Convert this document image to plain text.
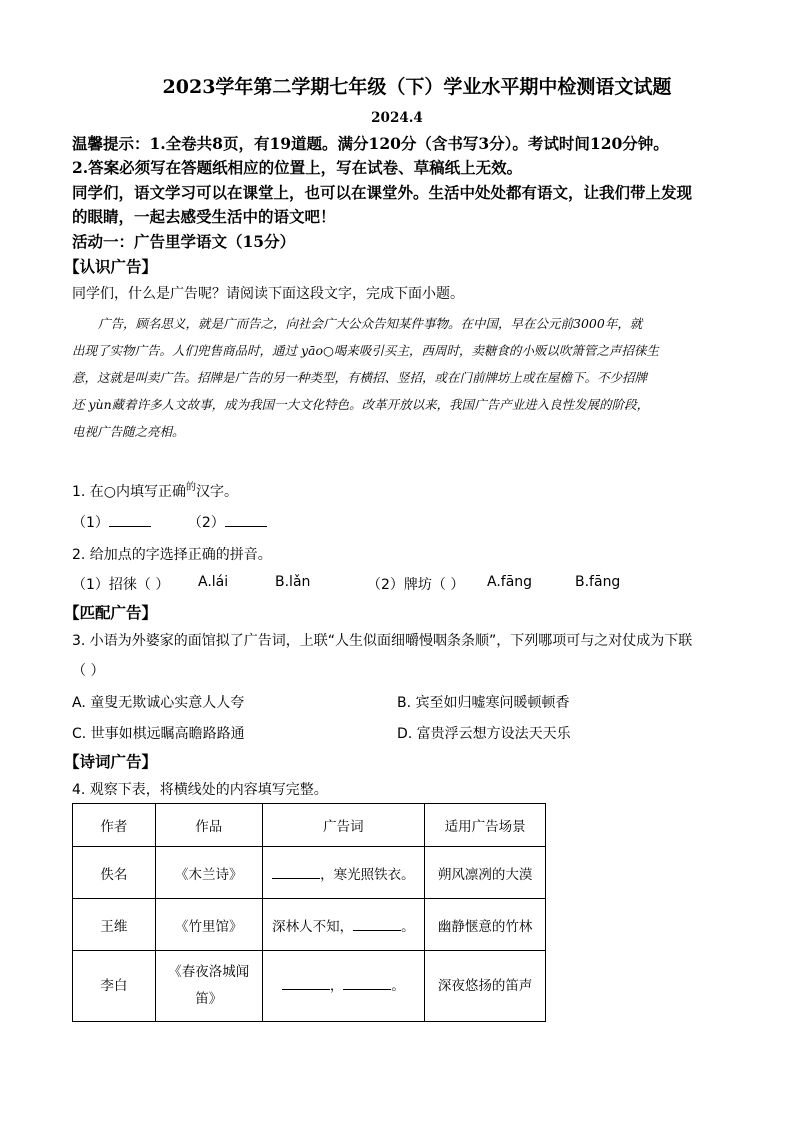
2023学年第二学期七年级（下）学业水平期中检测语文试题
2024.4
温馨提示：1.全卷共8页，有19道题。满分120分（含书写3分）。考试时间120分钟。
2.答案必须写在答题纸相应的位置上，写在试卷、草稿纸上无效。
同学们，语文学习可以在课堂上，也可以在课堂外。生活中处处都有语文，让我们带上发现
的眼睛，一起去感受生活中的语文吧！
活动一：广告里学语文（15分）
【认识广告】
同学们，什么是广告呢？请阅读下面这段文字，完成下面小题。

广告，顾名思义，就是广而告之，向社会广大公众告知某件事物。在中国，早在公元前3000年，就

出现了实物广告。人们兜售商品时，通过 yāo○喝来吸引买主，西周时，卖糖食的小贩以吹箫管之声招徕生

意，这就是叫卖广告。招牌是广告的另一种类型，有横招、竖招，或在门前牌坊上或在屋檐下。不少招牌

还 yùn藏着许多人文故事，成为我国一大文化特色。改革开放以来，我国广告产业进入良性发展的阶段，

电视广告随之亮相。

1. 在○内填写正确$^的$汉字。
（1）	（2）
2. 给加点的字选择正确的拼音。
（1）招徕（ ） A.lái	B.lǎn	（2）牌坊（ ） A.fāng	B.fāng
【匹配广告】
3. 小语为外婆家的面馆拟了广告词，上联“人生似面细嚼慢咽条条顺”，下列哪项可与之对仗成为下联
（ ）
A. 童叟无欺诚心实意人人夸	B. 宾至如归嘘寒问暖顿顿香
C. 世事如棋远瞩高瞻路路通	D. 富贵浮云想方设法天天乐
【诗词广告】
4. 观察下表，将横线处的内容填写完整。
作者	作品	广告词	适用广告场景
佚名	《木兰诗》	，寒光照铁衣。	朔风凛冽的大漠
王维	《竹里馆》	深林人不知， 。	幽静惬意的竹林
李白	《春夜洛城闻
笛》	， 。	深夜悠扬的笛声
